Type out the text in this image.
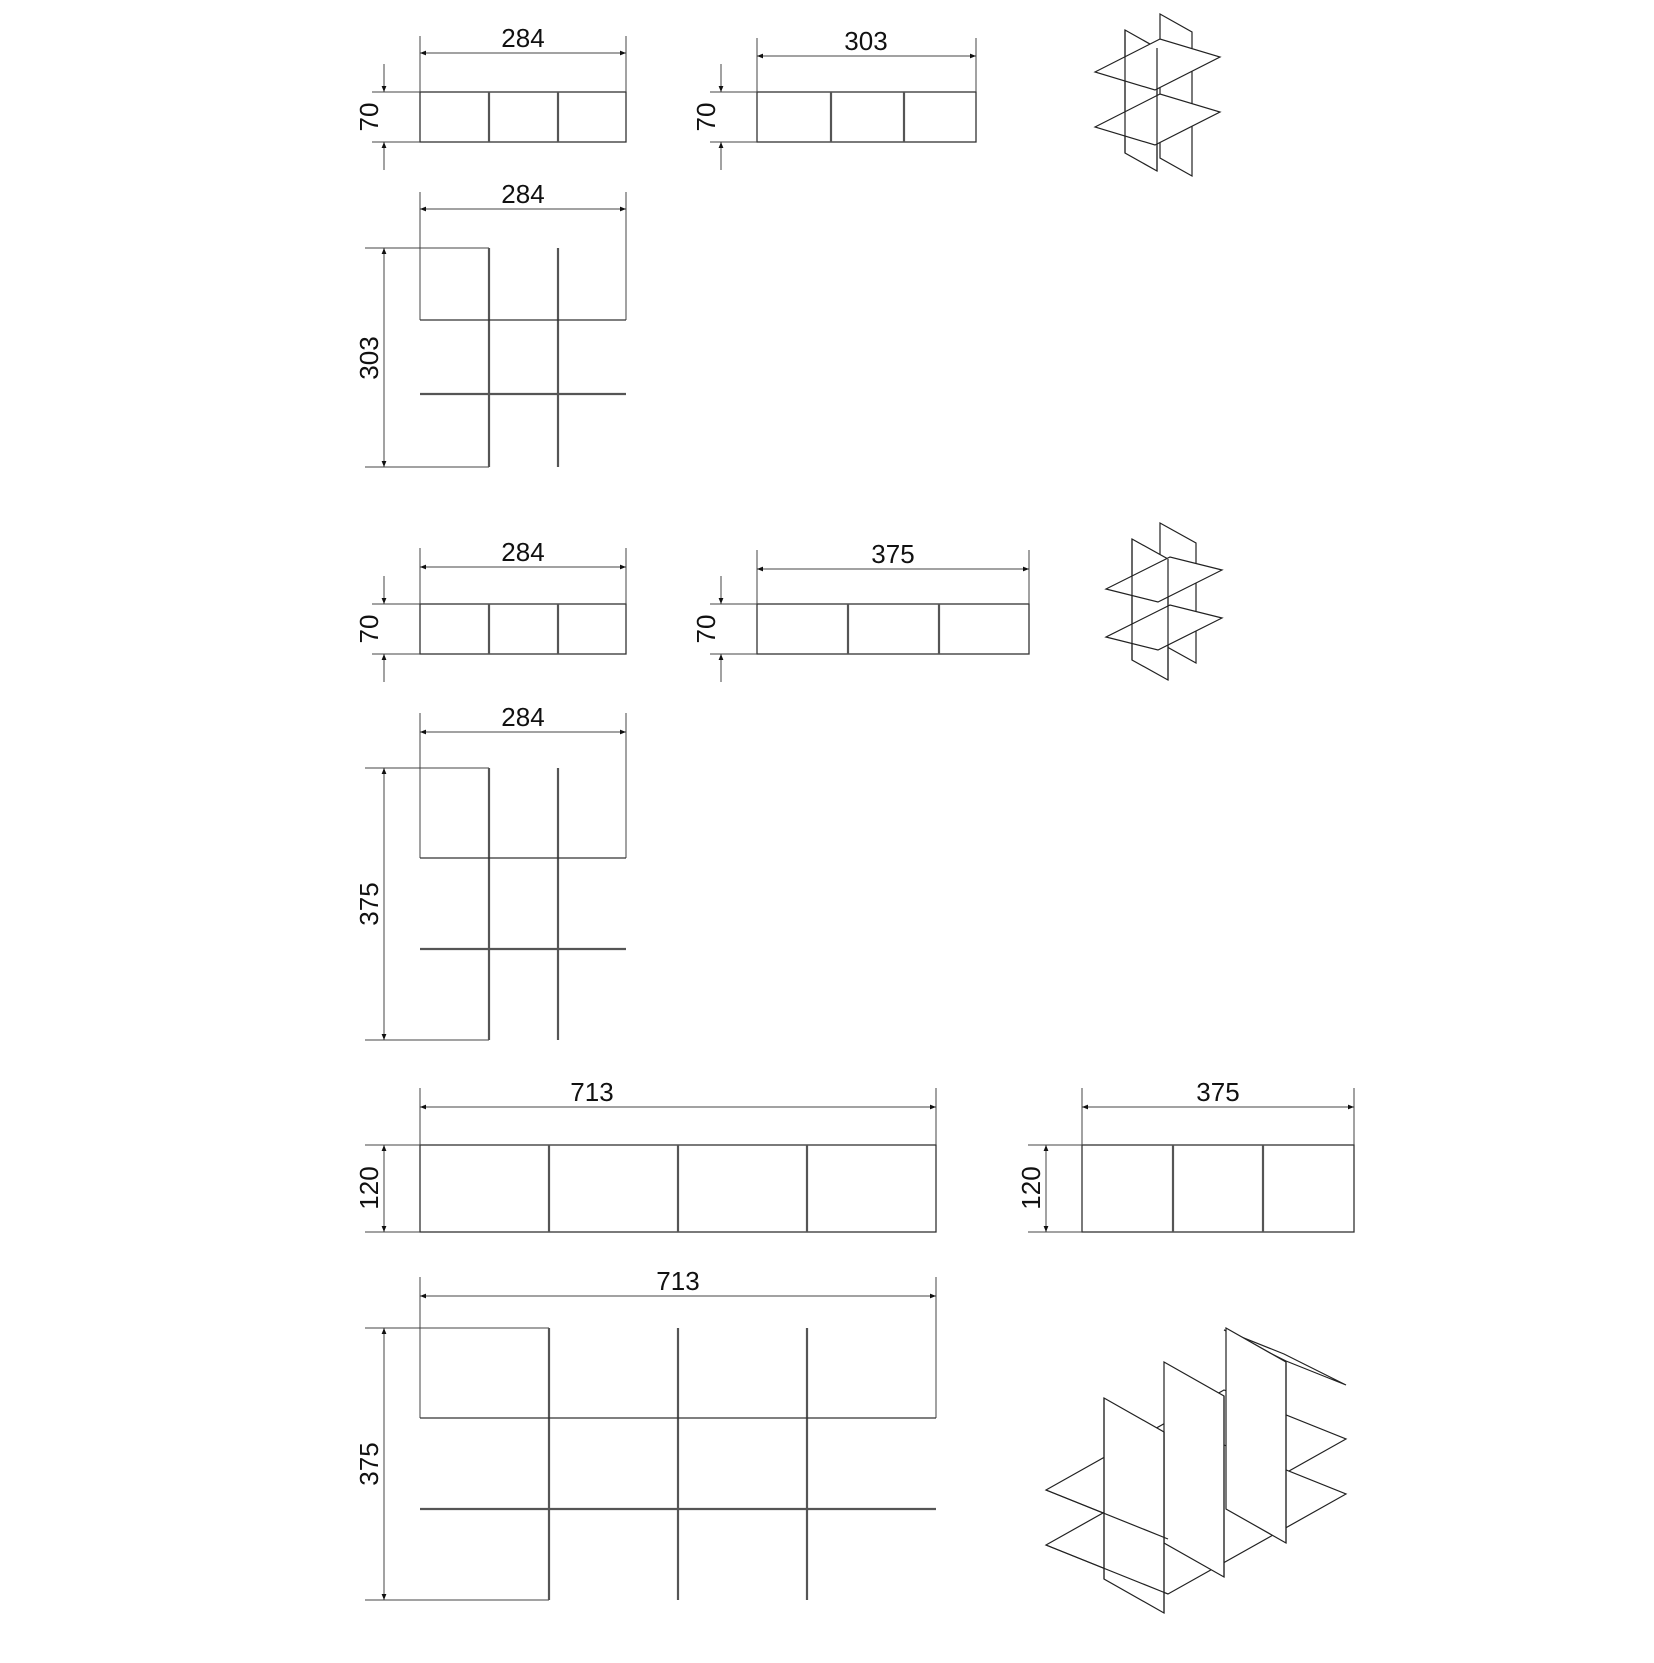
284
70
303
70
284
303
284
70
375
70
284
375
713
120
375
120
713
375
